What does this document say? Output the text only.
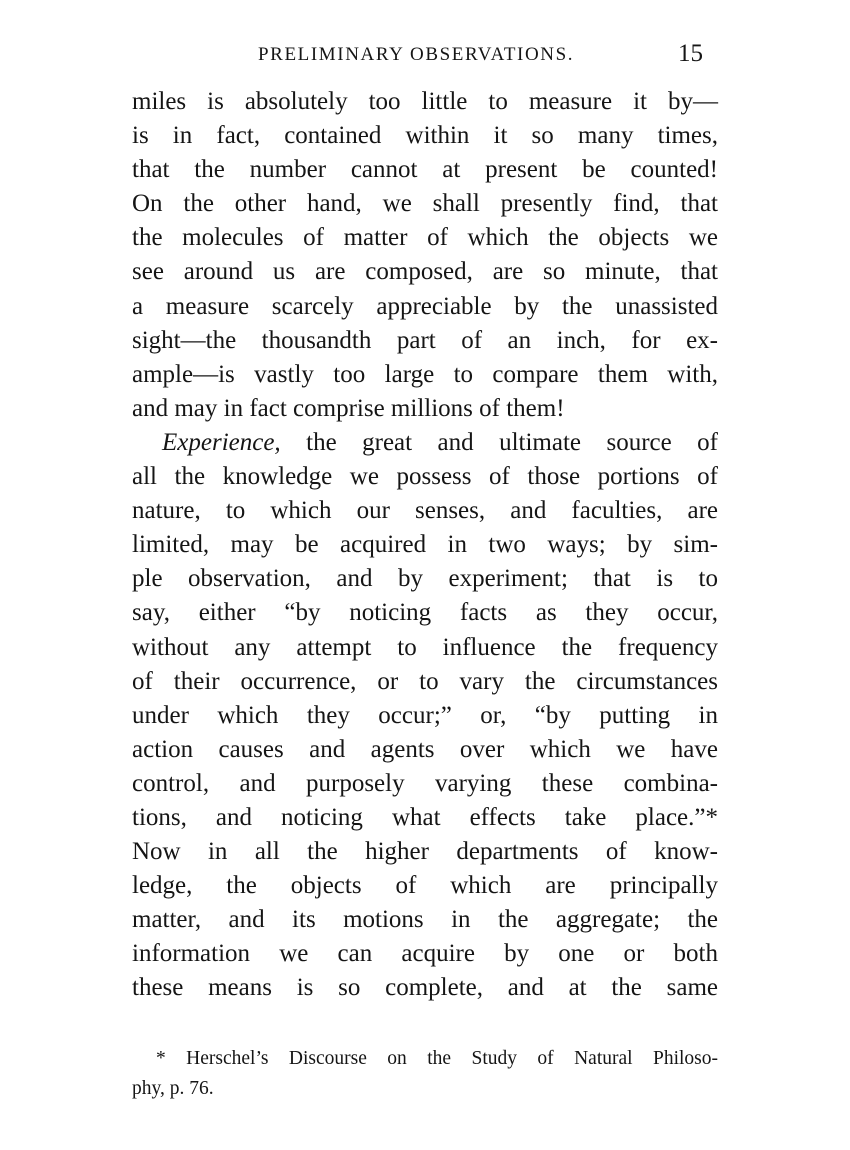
PRELIMINARY OBSERVATIONS.	15
miles is absolutely too little to measure it by—
is in fact, contained within it so many times,
that the number cannot at present be counted!
On the other hand, we shall presently find, that
the molecules of matter of which the objects we
see around us are composed, are so minute, that
a measure scarcely appreciable by the unassisted
sight—the thousandth part of an inch, for ex-
ample—is vastly too large to compare them with,
and may in fact comprise millions of them!
Experience, the great and ultimate source of
all the knowledge we possess of those portions of
nature, to which our senses, and faculties, are
limited, may be acquired in two ways; by sim-
ple observation, and by experiment; that is to
say, either “by noticing facts as they occur,
without any attempt to influence the frequency
of their occurrence, or to vary the circumstances
under which they occur;” or, “by putting in
action causes and agents over which we have
control, and purposely varying these combina-
tions, and noticing what effects take place.”*
Now in all the higher departments of know-
ledge, the objects of which are principally
matter, and its motions in the aggregate; the
information we can acquire by one or both
these means is so complete, and at the same
* Herschel’s Discourse on the Study of Natural Philoso-
phy, p. 76.
